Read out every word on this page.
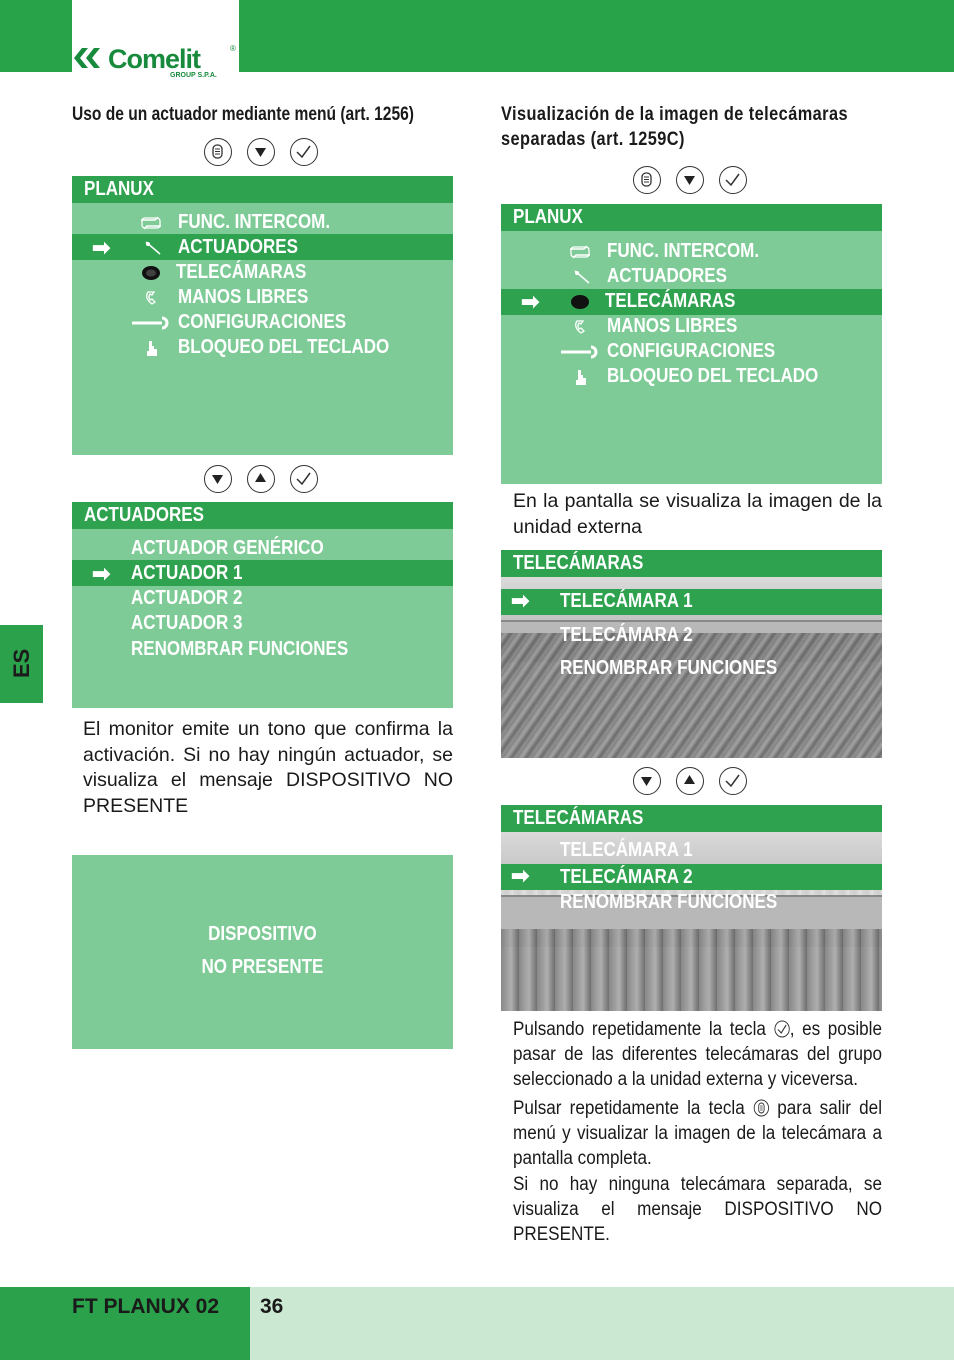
Comelit	®
GROUP S.P.A.
ES
Uso de un actuador mediante menú (art. 1256)
PLANUX
➡
FUNC. INTERCOM.
ACTUADORES
TELECÁMARAS
MANOS LIBRES
CONFIGURACIONES
BLOQUEO DEL TECLADO
ACTUADORES
➡
ACTUADOR GENÉRICO
ACTUADOR 1
ACTUADOR 2
ACTUADOR 3
RENOMBRAR FUNCIONES
El monitor emite un tono que confirma la activación. Si no hay ningún actuador, se visualiza el mensaje DISPOSITIVO NO PRESENTE
DISPOSITIVO
NO PRESENTE
Visualización de la imagen de telecámaras separadas (art. 1259C)
PLANUX
➡
FUNC. INTERCOM.
ACTUADORES
TELECÁMARAS
MANOS LIBRES
CONFIGURACIONES
BLOQUEO DEL TECLADO
En la pantalla se visualiza la imagen de la unidad externa
TELECÁMARAS
➡ TELECÁMARA 1
TELECÁMARA 2
RENOMBRAR FUNCIONES
TELECÁMARAS
TELECÁMARA 1
➡ TELECÁMARA 2
RENOMBRAR FUNCIONES
Pulsando repetidamente la tecla , es posible pasar de las diferentes telecámaras del grupo seleccionado a la unidad externa y viceversa.
Pulsar repetidamente la tecla para salir del menú y visualizar la imagen de la telecámara a pantalla completa.
Si no hay ninguna telecámara separada, se visualiza el mensaje DISPOSITIVO NO PRESENTE.
FT PLANUX 02 36
